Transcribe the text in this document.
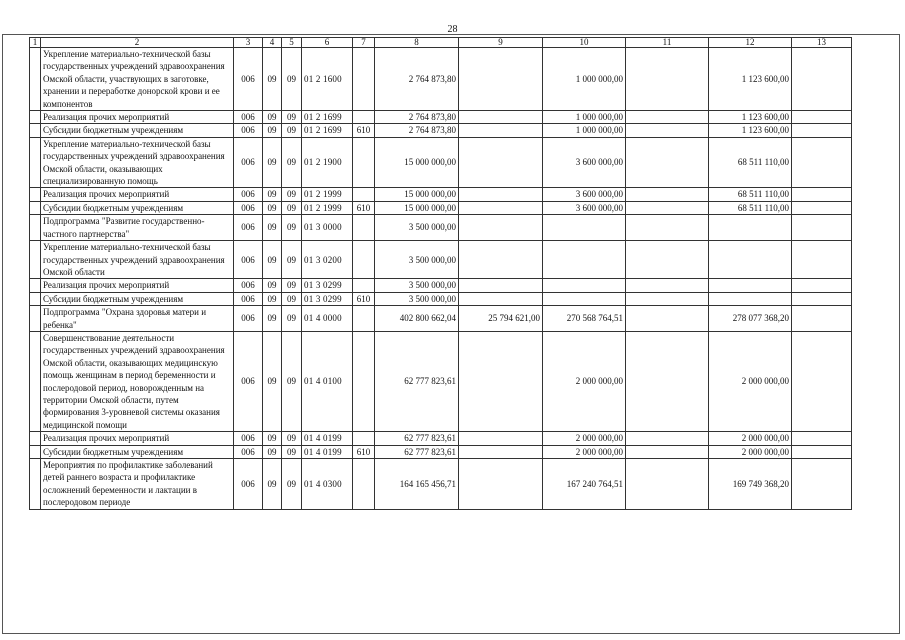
28
1	2	3	4	5	6	7	8	9	10	11	12	13
	Укрепление материально-технической базы государственных учреждений здравоохранения Омской области, участвующих в заготовке, хранении и переработке донорской крови и ее компонентов	006	09	09	01 2 1600		2 764 873,80		1 000 000,00		1 123 600,00	
	Реализация прочих мероприятий	006	09	09	01 2 1699		2 764 873,80		1 000 000,00		1 123 600,00	
	Субсидии бюджетным учреждениям	006	09	09	01 2 1699	610	2 764 873,80		1 000 000,00		1 123 600,00	
	Укрепление материально-технической базы государственных учреждений здравоохранения Омской области, оказывающих специализированную помощь	006	09	09	01 2 1900		15 000 000,00		3 600 000,00		68 511 110,00	
	Реализация прочих мероприятий	006	09	09	01 2 1999		15 000 000,00		3 600 000,00		68 511 110,00	
	Субсидии бюджетным учреждениям	006	09	09	01 2 1999	610	15 000 000,00		3 600 000,00		68 511 110,00	
	Подпрограмма "Развитие государственно-частного партнерства"	006	09	09	01 3 0000		3 500 000,00					
	Укрепление материально-технической базы государственных учреждений здравоохранения Омской области	006	09	09	01 3 0200		3 500 000,00					
	Реализация прочих мероприятий	006	09	09	01 3 0299		3 500 000,00					
	Субсидии бюджетным учреждениям	006	09	09	01 3 0299	610	3 500 000,00					
	Подпрограмма "Охрана здоровья матери и ребенка"	006	09	09	01 4 0000		402 800 662,04	25 794 621,00	270 568 764,51		278 077 368,20	
	Совершенствование деятельности государственных учреждений здравоохранения Омской области, оказывающих медицинскую помощь женщинам в период беременности и послеродовой период, новорожденным на территории Омской области, путем формирования 3-уровневой системы оказания медицинской помощи	006	09	09	01 4 0100		62 777 823,61		2 000 000,00		2 000 000,00	
	Реализация прочих мероприятий	006	09	09	01 4 0199		62 777 823,61		2 000 000,00		2 000 000,00	
	Субсидии бюджетным учреждениям	006	09	09	01 4 0199	610	62 777 823,61		2 000 000,00		2 000 000,00	
	Мероприятия по профилактике заболеваний детей раннего возраста и профилактике осложнений беременности и лактации в послеродовом периоде	006	09	09	01 4 0300		164 165 456,71		167 240 764,51		169 749 368,20	
